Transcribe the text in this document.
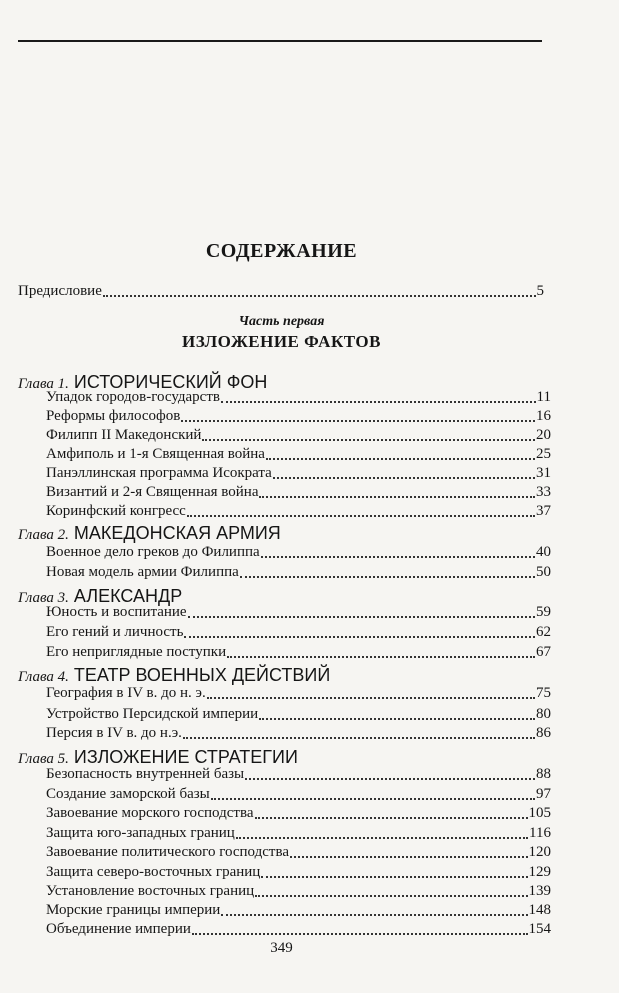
СОДЕРЖАНИЕ
Предисловие	5
Часть первая
ИЗЛОЖЕНИЕ ФАКТОВ
Глава 1. ИСТОРИЧЕСКИЙ ФОН
Упадок городов-государств	11
Реформы философов	16
Филипп II Македонский	20
Амфиполь и 1-я Священная война	25
Панэллинская программа Исократа	31
Византий и 2-я Священная война	33
Коринфский конгресс	37
Глава 2. МАКЕДОНСКАЯ АРМИЯ
Военное дело греков до Филиппа	40
Новая модель армии Филиппа	50
Глава 3. АЛЕКСАНДР
Юность и воспитание	59
Его гений и личность	62
Его неприглядные поступки	67
Глава 4. ТЕАТР ВОЕННЫХ ДЕЙСТВИЙ
География в IV в. до н. э.	75
Устройство Персидской империи	80
Персия в IV в. до н.э.	86
Глава 5. ИЗЛОЖЕНИЕ СТРАТЕГИИ
Безопасность внутренней базы	88
Создание заморской базы	97
Завоевание морского господства	105
Защита юго-западных границ	116
Завоевание политического господства	120
Защита северо-восточных границ	129
Установление восточных границ	139
Морские границы империи	148
Объединение империи	154
349
